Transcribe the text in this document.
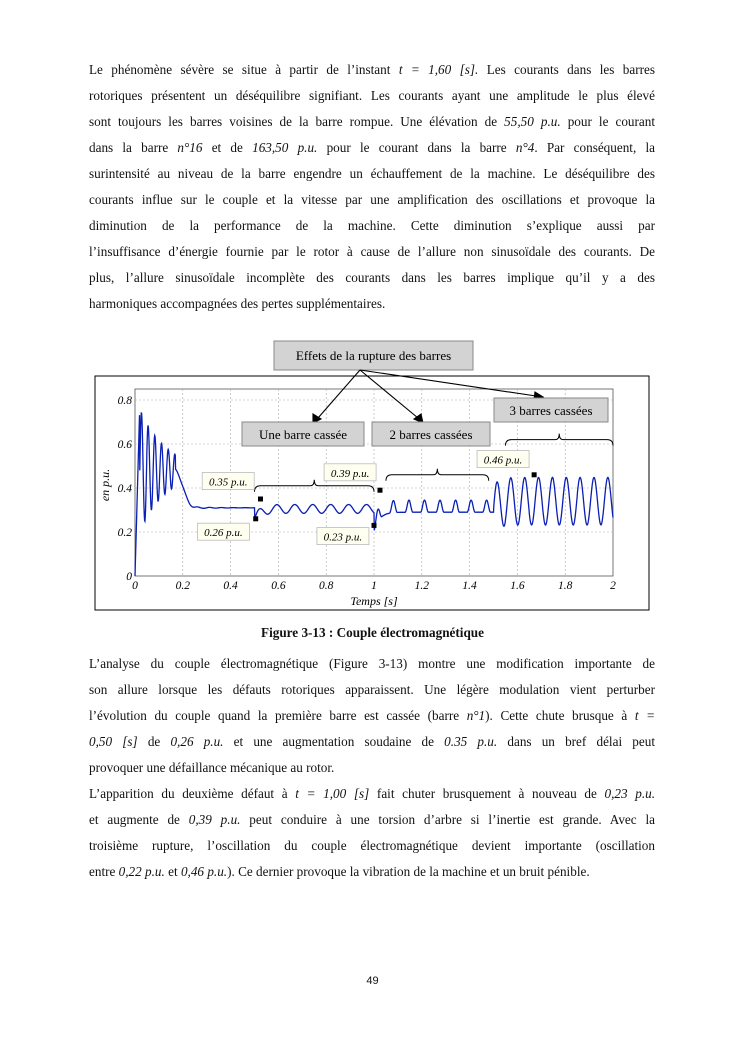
Le phénomène sévère se situe à partir de l’instant t = 1,60 [s]. Les courants dans les barres
rotoriques présentent un déséquilibre signifiant. Les courants ayant une amplitude le plus élevé
sont toujours les barres voisines de la barre rompue. Une élévation de 55,50 p.u. pour le courant
dans la barre n°16 et de 163,50 p.u. pour le courant dans la barre n°4. Par conséquent, la
surintensité au niveau de la barre engendre un échauffement de la machine. Le déséquilibre des
courants influe sur le couple et la vitesse par une amplification des oscillations et provoque la
diminution de la performance de la machine. Cette diminution s’explique aussi par
l’insuffisance d’énergie fournie par le rotor à cause de l’allure non sinusoïdale des courants. De
plus, l’allure sinusoïdale incomplète des courants dans les barres implique qu’il y a des
harmoniques accompagnées des pertes supplémentaires.
Effets de la rupture des barres
0	0.2	0.4	0.6	0.8	1	1.2	1.4	1.6	1.8	2
0
0.2
0.4
0.6
0.8
Temps [s]
en p.u.	0.35 p.u.
0.39 p.u.
0.46 p.u.
0.26 p.u.	0.23 p.u.
Une barre cassée	2 barres cassées
3 barres cassées
Figure 3-13 : Couple électromagnétique
L’analyse du couple électromagnétique (Figure 3-13) montre une modification importante de
son allure lorsque les défauts rotoriques apparaissent. Une légère modulation vient perturber
l’évolution du couple quand la première barre est cassée (barre n°1). Cette chute brusque à t =
0,50 [s] de 0,26 p.u. et une augmentation soudaine de 0.35 p.u. dans un bref délai peut
provoquer une défaillance mécanique au rotor.
L’apparition du deuxième défaut à t = 1,00 [s] fait chuter brusquement à nouveau de 0,23 p.u.
et augmente de 0,39 p.u. peut conduire à une torsion d’arbre si l’inertie est grande. Avec la
troisième rupture, l’oscillation du couple électromagnétique devient importante (oscillation
entre 0,22 p.u. et 0,46 p.u.). Ce dernier provoque la vibration de la machine et un bruit pénible.
49
